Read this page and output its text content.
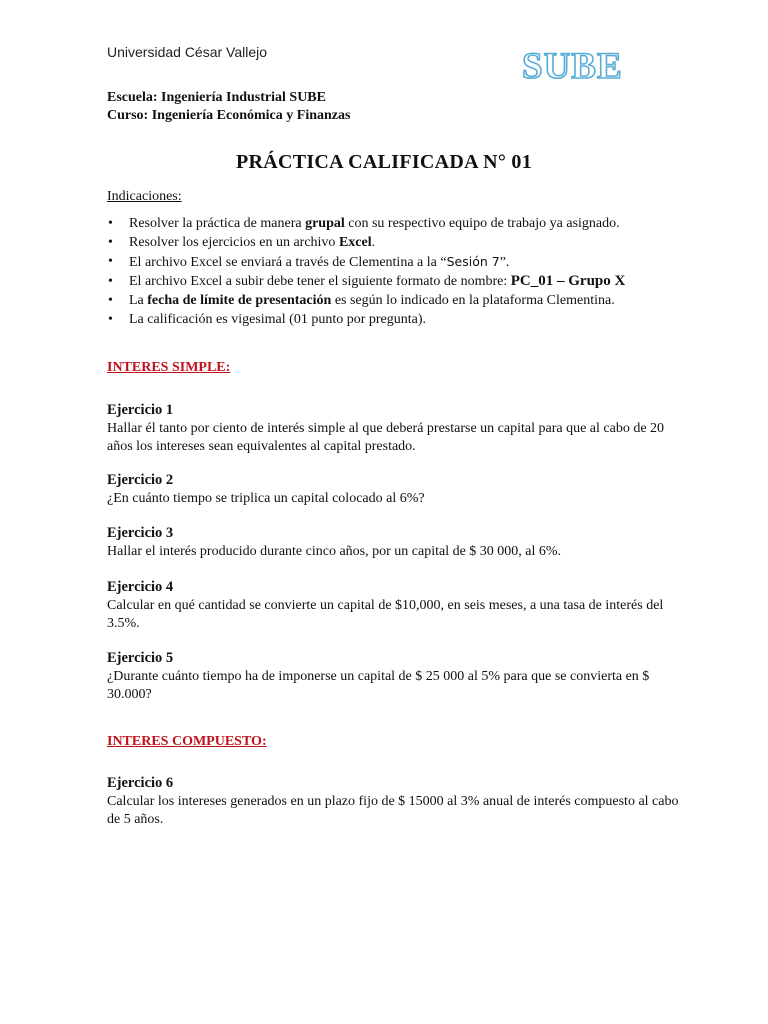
Universidad César Vallejo	SUBE
Escuela: Ingeniería Industrial SUBE
Curso: Ingeniería Económica y Finanzas
PRÁCTICA CALIFICADA N° 01
Indicaciones:
• Resolver la práctica de manera grupal con su respectivo equipo de trabajo ya asignado.
• Resolver los ejercicios en un archivo Excel.
• El archivo Excel se enviará a través de Clementina a la “Sesión 7”.
• El archivo Excel a subir debe tener el siguiente formato de nombre: PC_01 – Grupo X
• La fecha de límite de presentación es según lo indicado en la plataforma Clementina.
• La calificación es vigesimal (01 punto por pregunta).
INTERES SIMPLE:
Ejercicio 1
Hallar él tanto por ciento de interés simple al que deberá prestarse un capital para que al cabo de 20 años los intereses sean equivalentes al capital prestado.
Ejercicio 2
¿En cuánto tiempo se triplica un capital colocado al 6%?
Ejercicio 3
Hallar el interés producido durante cinco años, por un capital de $ 30 000, al 6%.
Ejercicio 4
Calcular en qué cantidad se convierte un capital de $10,000, en seis meses, a una tasa de interés del 3.5%.
Ejercicio 5
¿Durante cuánto tiempo ha de imponerse un capital de $ 25 000 al 5% para que se convierta en $ 30.000?
INTERES COMPUESTO:
Ejercicio 6
Calcular los intereses generados en un plazo fijo de $ 15000 al 3% anual de interés compuesto al cabo de 5 años.
